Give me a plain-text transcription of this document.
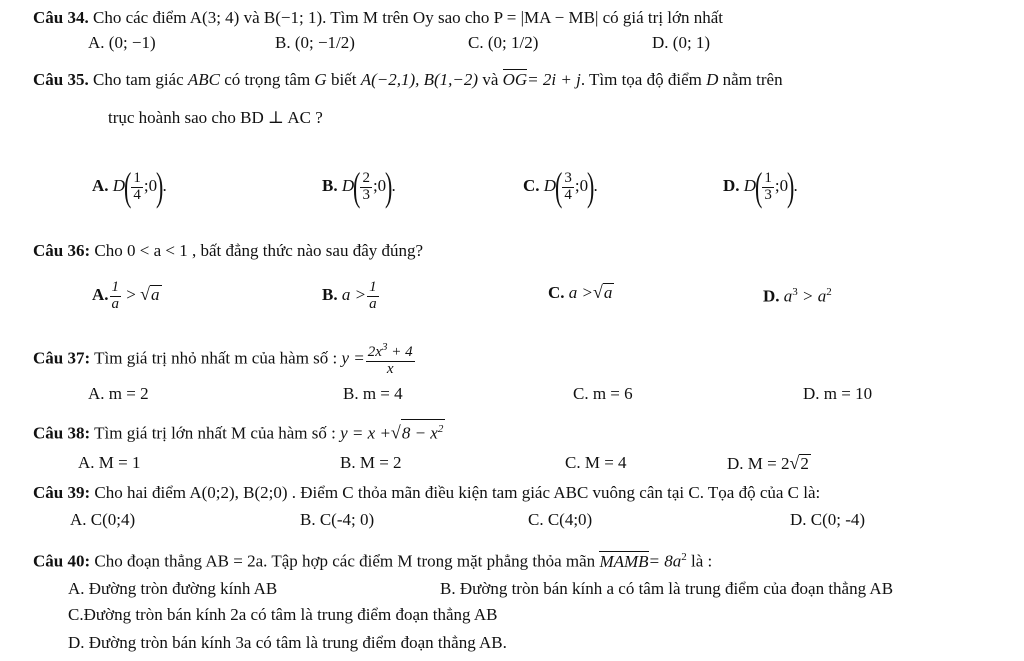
Câu 34. Cho các điểm A(3; 4) và B(−1; 1). Tìm M trên Oy sao cho P = |MA − MB| có giá trị lớn nhất
A. (0; −1)	B. (0; −1/2)	C. (0; 1/2)	D. (0; 1)
Câu 35. Cho tam giác ABC có trọng tâm G biết A(−2,1), B(1,−2) và OG= 2i + j. Tìm tọa độ điểm D nằm trên
trục hoành sao cho BD ⊥ AC ?
A. $D( \frac{1}{4}$ ;0).	B. $D( \frac{2}{3}$ ;0).	C. $D( \frac{3}{4}$ ;0).	D. $D( \frac{1}{3}$ ;0).
Câu 36: Cho 0 < a < 1 , bất đẳng thức nào sau đây đúng?
A. $\frac{1}{a} > √a$	B. $a > \frac{1}{a}$	C. a >√a	D. $a^3 > a^2$
Câu 37: Tìm giá trị nhỏ nhất m của hàm số : $y = \frac{2x^3 + 4}{x}$
A. m = 2	B. m = 4	C. m = 6	D. m = 10
Câu 38: Tìm giá trị lớn nhất M của hàm số : $y = x +√8 - x^2$
A. M = 1	B. M = 2	C. M = 4	D. M = 2√2
Câu 39: Cho hai điểm A(0;2), B(2;0) . Điểm C thỏa mãn điều kiện tam giác ABC vuông cân tại C. Tọa độ của C là:
A. C(0;4)	B. C(-4; 0)	C. C(4;0)	D. C(0; -4)
Câu 40: Cho đoạn thẳng AB = 2a. Tập hợp các điểm M trong mặt phẳng thỏa mãn MAMB= $8a^2$ là :
A. Đường tròn đường kính AB	B. Đường tròn bán kính a có tâm là trung điểm của đoạn thẳng AB
C.Đường tròn bán kính 2a có tâm là trung điểm đoạn thẳng AB
D. Đường tròn bán kính 3a có tâm là trung điểm đoạn thẳng AB.
